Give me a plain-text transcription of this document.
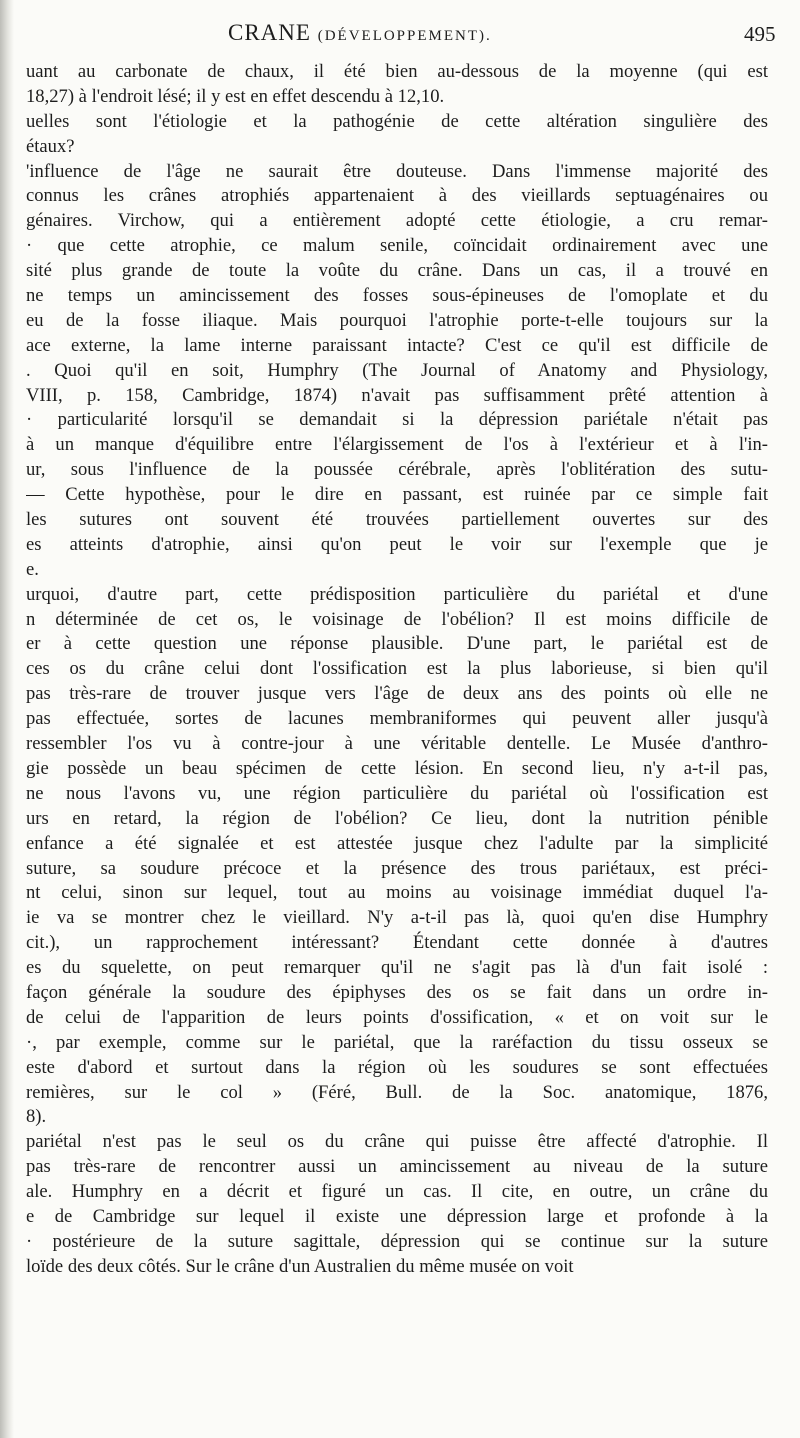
CRANE (DÉVELOPPEMENT).	495
uant au carbonate de chaux, il été bien au-dessous de la moyenne (qui est
18,27) à l'endroit lésé; il y est en effet descendu à 12,10.
uelles sont l'étiologie et la pathogénie de cette altération singulière des
étaux?
'influence de l'âge ne saurait être douteuse. Dans l'immense majorité des
connus les crânes atrophiés appartenaient à des vieillards septuagénaires ou
génaires. Virchow, qui a entièrement adopté cette étiologie, a cru remar-
· que cette atrophie, ce malum senile, coïncidait ordinairement avec une
sité plus grande de toute la voûte du crâne. Dans un cas, il a trouvé en
ne temps un amincissement des fosses sous-épineuses de l'omoplate et du
eu de la fosse iliaque. Mais pourquoi l'atrophie porte-t-elle toujours sur la
ace externe, la lame interne paraissant intacte? C'est ce qu'il est difficile de
. Quoi qu'il en soit, Humphry (The Journal of Anatomy and Physiology,
VIII, p. 158, Cambridge, 1874) n'avait pas suffisamment prêté attention à
· particularité lorsqu'il se demandait si la dépression pariétale n'était pas
à un manque d'équilibre entre l'élargissement de l'os à l'extérieur et à l'in-
ur, sous l'influence de la poussée cérébrale, après l'oblitération des sutu-
— Cette hypothèse, pour le dire en passant, est ruinée par ce simple fait
les sutures ont souvent été trouvées partiellement ouvertes sur des
es atteints d'atrophie, ainsi qu'on peut le voir sur l'exemple que je
e.
urquoi, d'autre part, cette prédisposition particulière du pariétal et d'une
n déterminée de cet os, le voisinage de l'obélion? Il est moins difficile de
er à cette question une réponse plausible. D'une part, le pariétal est de
ces os du crâne celui dont l'ossification est la plus laborieuse, si bien qu'il
pas très-rare de trouver jusque vers l'âge de deux ans des points où elle ne
pas effectuée, sortes de lacunes membraniformes qui peuvent aller jusqu'à
ressembler l'os vu à contre-jour à une véritable dentelle. Le Musée d'anthro-
gie possède un beau spécimen de cette lésion. En second lieu, n'y a-t-il pas,
ne nous l'avons vu, une région particulière du pariétal où l'ossification est
urs en retard, la région de l'obélion? Ce lieu, dont la nutrition pénible
enfance a été signalée et est attestée jusque chez l'adulte par la simplicité
suture, sa soudure précoce et la présence des trous pariétaux, est préci-
nt celui, sinon sur lequel, tout au moins au voisinage immédiat duquel l'a-
ie va se montrer chez le vieillard. N'y a-t-il pas là, quoi qu'en dise Humphry
cit.), un rapprochement intéressant? Étendant cette donnée à d'autres
es du squelette, on peut remarquer qu'il ne s'agit pas là d'un fait isolé :
façon générale la soudure des épiphyses des os se fait dans un ordre in-
de celui de l'apparition de leurs points d'ossification, « et on voit sur le
·, par exemple, comme sur le pariétal, que la raréfaction du tissu osseux se
este d'abord et surtout dans la région où les soudures se sont effectuées
remières, sur le col » (Féré, Bull. de la Soc. anatomique, 1876,
8).
pariétal n'est pas le seul os du crâne qui puisse être affecté d'atrophie. Il
pas très-rare de rencontrer aussi un amincissement au niveau de la suture
ale. Humphry en a décrit et figuré un cas. Il cite, en outre, un crâne du
e de Cambridge sur lequel il existe une dépression large et profonde à la
· postérieure de la suture sagittale, dépression qui se continue sur la suture
loïde des deux côtés. Sur le crâne d'un Australien du même musée on voit
